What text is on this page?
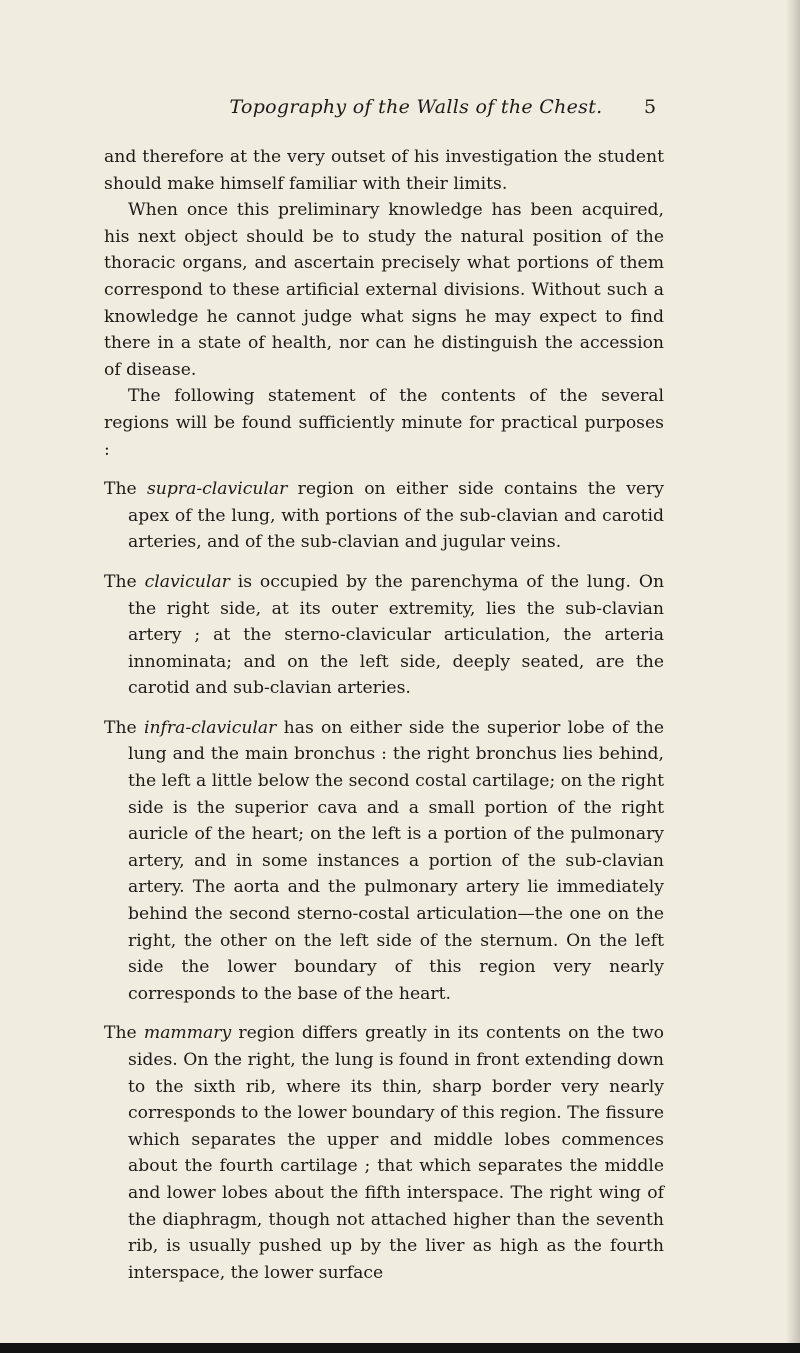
Topography of the Walls of the Chest.	5

and therefore at the very outset of his investigation the student should make himself familiar with their limits.

When once this preliminary knowledge has been acquired, his next object should be to study the natural position of the thoracic organs, and ascertain precisely what portions of them correspond to these artificial external divisions. Without such a knowledge he cannot judge what signs he may expect to find there in a state of health, nor can he distinguish the accession of disease.

The following statement of the contents of the several regions will be found sufficiently minute for practical purposes :

The supra-clavicular region on either side contains the very apex of the lung, with portions of the sub-clavian and carotid arteries, and of the sub-clavian and jugular veins.

The clavicular is occupied by the parenchyma of the lung. On the right side, at its outer extremity, lies the sub-clavian artery ; at the sterno-clavicular articulation, the arteria innominata; and on the left side, deeply seated, are the carotid and sub-clavian arteries.

The infra-clavicular has on either side the superior lobe of the lung and the main bronchus : the right bronchus lies behind, the left a little below the second costal cartilage; on the right side is the superior cava and a small portion of the right auricle of the heart; on the left is a portion of the pulmonary artery, and in some instances a portion of the sub-clavian artery. The aorta and the pulmonary artery lie immediately behind the second sterno-costal articulation—the one on the right, the other on the left side of the sternum. On the left side the lower boundary of this region very nearly corresponds to the base of the heart.

The mammary region differs greatly in its contents on the two sides. On the right, the lung is found in front extending down to the sixth rib, where its thin, sharp border very nearly corresponds to the lower boundary of this region. The fissure which separates the upper and middle lobes commences about the fourth cartilage ; that which separates the middle and lower lobes about the fifth interspace. The right wing of the diaphragm, though not attached higher than the seventh rib, is usually pushed up by the liver as high as the fourth interspace, the lower surface
